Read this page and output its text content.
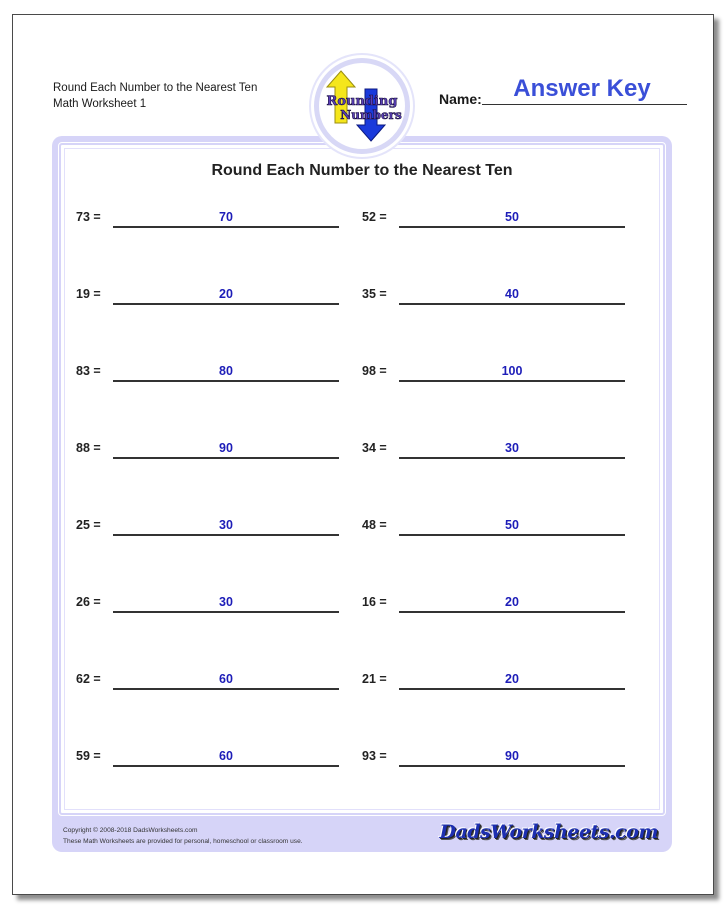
Round Each Number to the Nearest Ten
Math Worksheet 1	Rounding
Numbers
Name:	Answer Key
Round Each Number to the Nearest Ten
73 =	70	52 =	50
19 =	20	35 =	40
83 =	80	98 =	100
88 =	90	34 =	30
25 =	30	48 =	50
26 =	30	16 =	20
62 =	60	21 =	20
59 =	60	93 =	90
Copyright © 2008-2018 DadsWorksheets.com
These Math Worksheets are provided for personal, homeschool or classroom use.	DadsWorksheets.com
